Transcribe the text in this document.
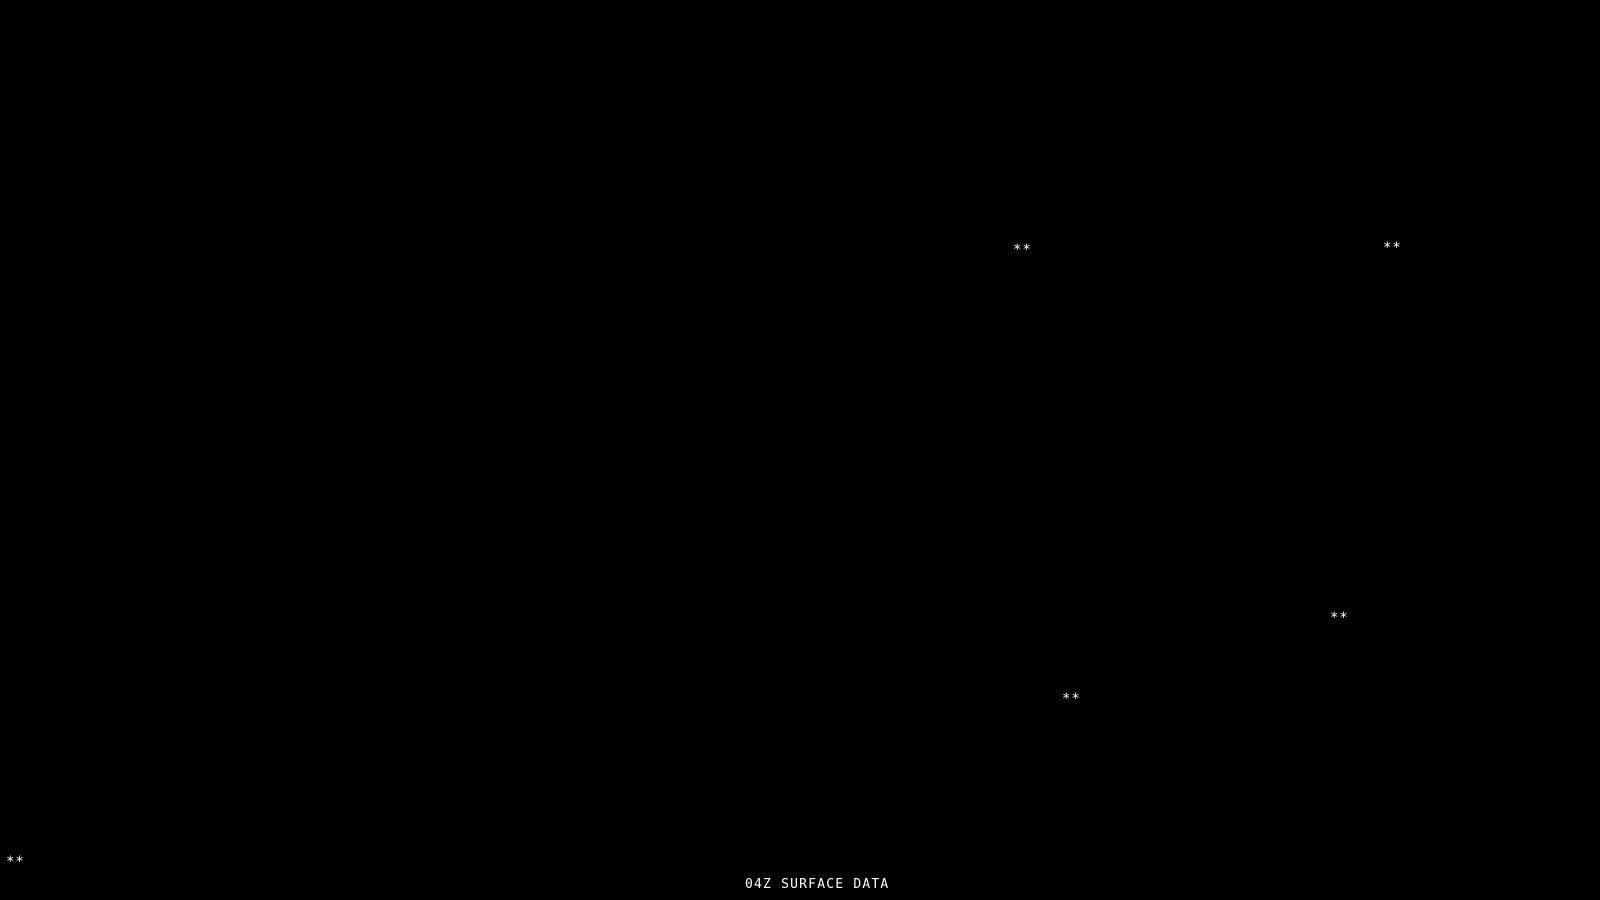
**	**
**
**
**
04Z SURFACE DATA
